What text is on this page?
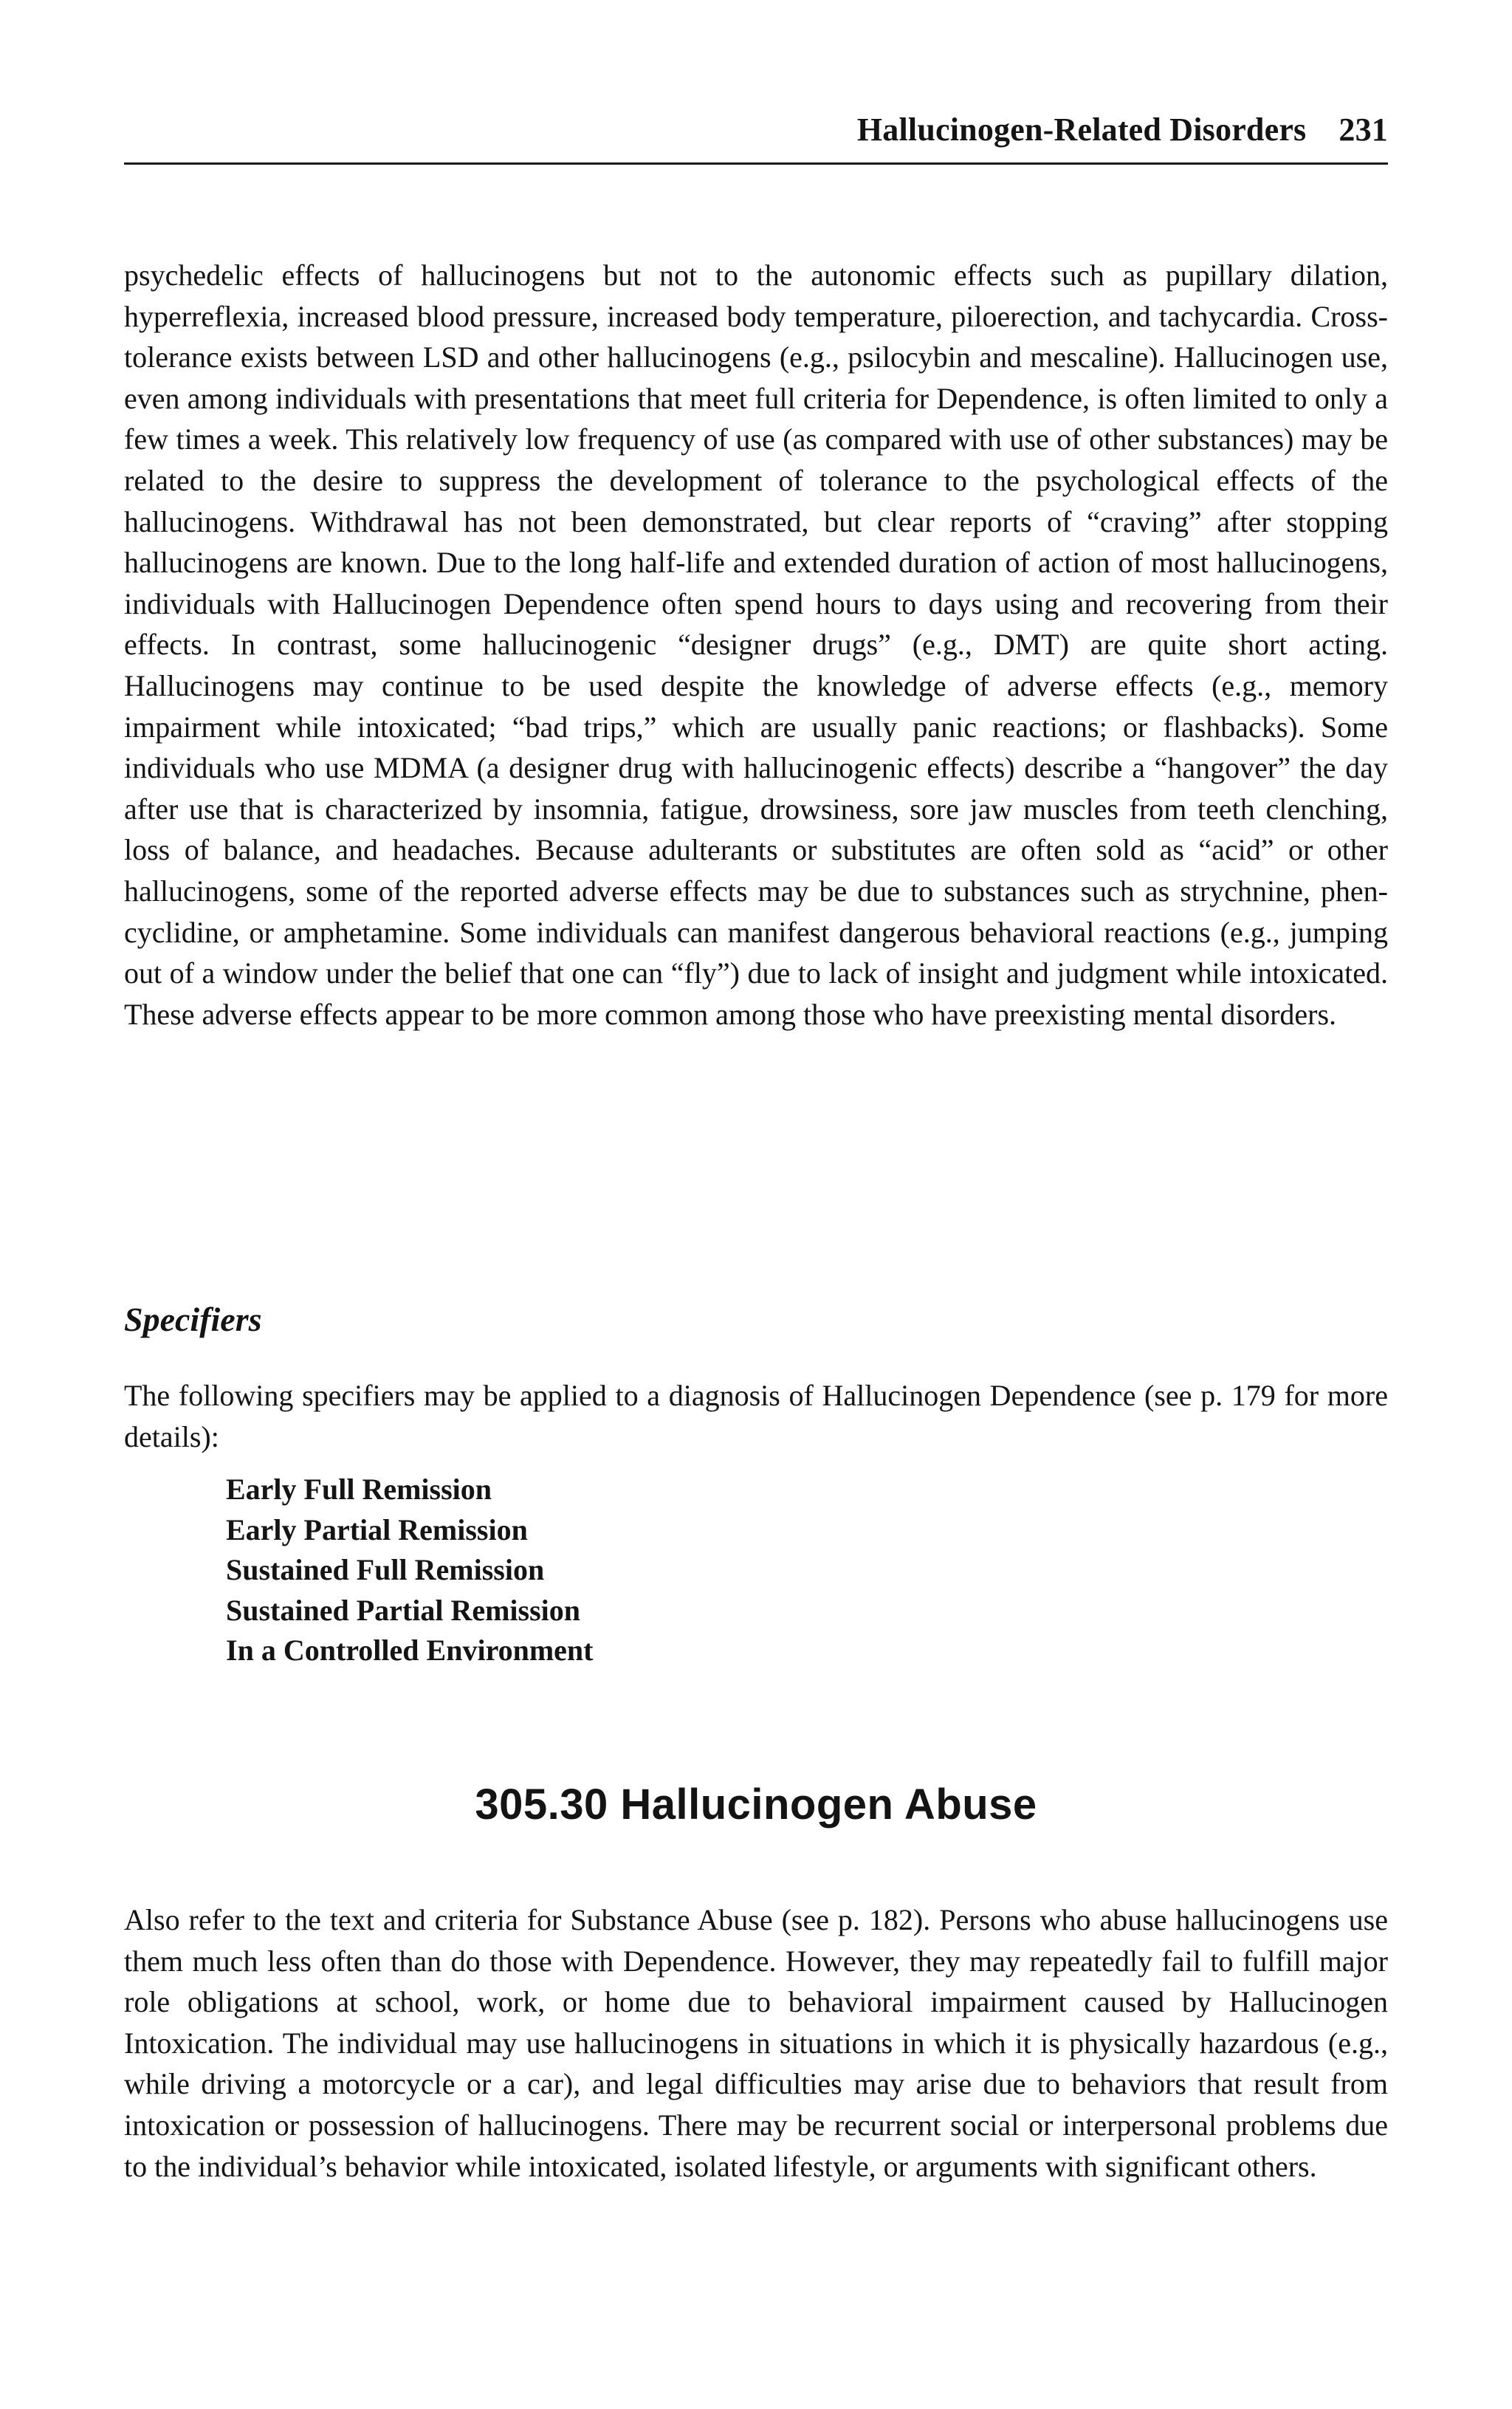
Hallucinogen-Related Disorders 231

psychedelic effects of hallucinogens but not to the autonomic effects such as pupillary dilation, hyperreflexia, increased blood pressure, increased body temperature, piloerection, and tachycardia. Cross-tolerance exists between LSD and other hallucinogens (e.g., psilocybin and mescaline). Hallucinogen use, even among individuals with presentations that meet full criteria for Dependence, is often limited to only a few times a week. This relatively low frequency of use (as compared with use of other substances) may be related to the desire to suppress the development of tolerance to the psychological effects of the hallucinogens. Withdrawal has not been demonstrated, but clear reports of “craving” after stopping hallucinogens are known. Due to the long half-life and extended duration of action of most hallucinogens, individuals with Hallucinogen Dependence often spend hours to days using and recovering from their effects. In contrast, some hallucinogenic “designer drugs” (e.g., DMT) are quite short acting. Hallucinogens may continue to be used despite the knowledge of adverse effects (e.g., memory impairment while intoxicated; “bad trips,” which are usually panic reactions; or flashbacks). Some individuals who use MDMA (a designer drug with hallucinogenic effects) describe a “hangover” the day after use that is characterized by insomnia, fatigue, drowsiness, sore jaw muscles from teeth clenching, loss of balance, and headaches. Because adulterants or substitutes are often sold as “acid” or other hallucinogens, some of the reported adverse effects may be due to substances such as strychnine, phencyclidine, or amphetamine. Some individuals can manifest dangerous behavioral reactions (e.g., jumping out of a window under the belief that one can “fly”) due to lack of insight and judgment while intoxicated. These adverse effects appear to be more common among those who have preexisting mental disorders.

Specifiers

The following specifiers may be applied to a diagnosis of Hallucinogen Dependence (see p. 179 for more details):

Early Full Remission
Early Partial Remission
Sustained Full Remission
Sustained Partial Remission
In a Controlled Environment
305.30 Hallucinogen Abuse

Also refer to the text and criteria for Substance Abuse (see p. 182). Persons who abuse hallucinogens use them much less often than do those with Dependence. However, they may repeatedly fail to fulfill major role obligations at school, work, or home due to behavioral impairment caused by Hallucinogen Intoxication. The individual may use hallucinogens in situations in which it is physically hazardous (e.g., while driving a motorcycle or a car), and legal difficulties may arise due to behaviors that result from intoxication or possession of hallucinogens. There may be recurrent social or interpersonal problems due to the individual’s behavior while intoxicated, isolated lifestyle, or arguments with significant others.
